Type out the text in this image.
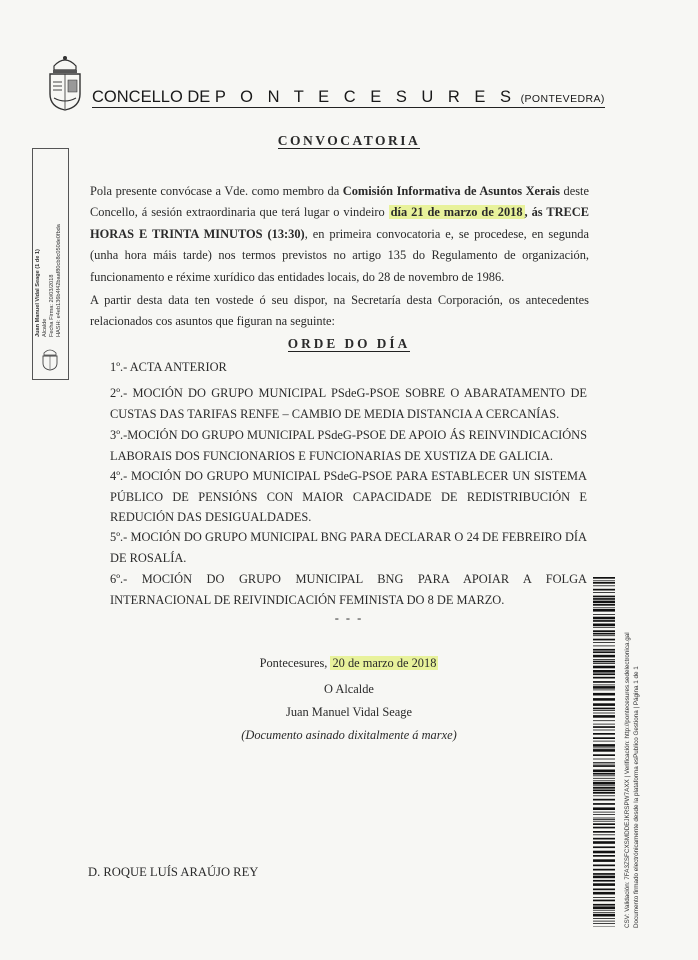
CONCELLO DE P O N T E C E S U R E S (PONTEVEDRA)
CONVOCATORIA
Pola presente convócase a Vde. como membro da Comisión Informativa de Asuntos Xerais deste Concello, á sesión extraordinaria que terá lugar o vindeiro día 21 de marzo de 2018 , ás TRECE HORAS E TRINTA MINUTOS (13:30), en primeira convocatoria e, se procedese, en segunda (unha hora máis tarde) nos termos previstos no artigo 135 do Regulamento de organización, funcionamento e réxime xurídico das entidades locais, do 28 de novembro de 1986.
A partir desta data ten vostede ó seu dispor, na Secretaría desta Corporación, os antecedentes relacionados cos asuntos que figuran na seguinte:
ORDE DO DÍA
1º.- ACTA ANTERIOR
2º.- MOCIÓN DO GRUPO MUNICIPAL PSdeG-PSOE SOBRE O ABARATAMENTO DE CUSTAS DAS TARIFAS RENFE – CAMBIO DE MEDIA DISTANCIA A CERCANÍAS.
3º.-MOCIÓN DO GRUPO MUNICIPAL PSdeG-PSOE DE APOIO ÁS REINVINDICACIÓNS LABORAIS DOS FUNCIONARIOS E FUNCIONARIAS DE XUSTIZA DE GALICIA.
4º.- MOCIÓN DO GRUPO MUNICIPAL PSdeG-PSOE PARA ESTABLECER UN SISTEMA PÚBLICO DE PENSIÓNS CON MAIOR CAPACIDADE DE REDISTRIBUCIÓN E REDUCIÓN DAS DESIGUALDADES.
5º.- MOCIÓN DO GRUPO MUNICIPAL BNG PARA DECLARAR O 24 DE FEBREIRO DÍA DE ROSALÍA.
6º.- MOCIÓN DO GRUPO MUNICIPAL BNG PARA APOIAR A FOLGA INTERNACIONAL DE REIVINDICACIÓN FEMINISTA DO 8 DE MARZO.
- - -
Pontecesures, 20 de marzo de 2018
O Alcalde
Juan Manuel Vidal Seage
(Documento asinado dixitalmente á marxe)
D. ROQUE LUÍS ARAÚJO REY
Juan Manuel Vidal Seage (1 de 1) Alcalde Fecha Firma: 20/03/2018 HASH: e4eb136b4f42baaf80cb8c050de0fbda
CSV: Validación: 7FA3ZSFCXSMDDEJKRSPW7AXX | Verificación: http://pontecesures.sedelectronica.gal Documento firmado electrónicamente desde la plataforma esPublico Gestiona | Página 1 de 1
